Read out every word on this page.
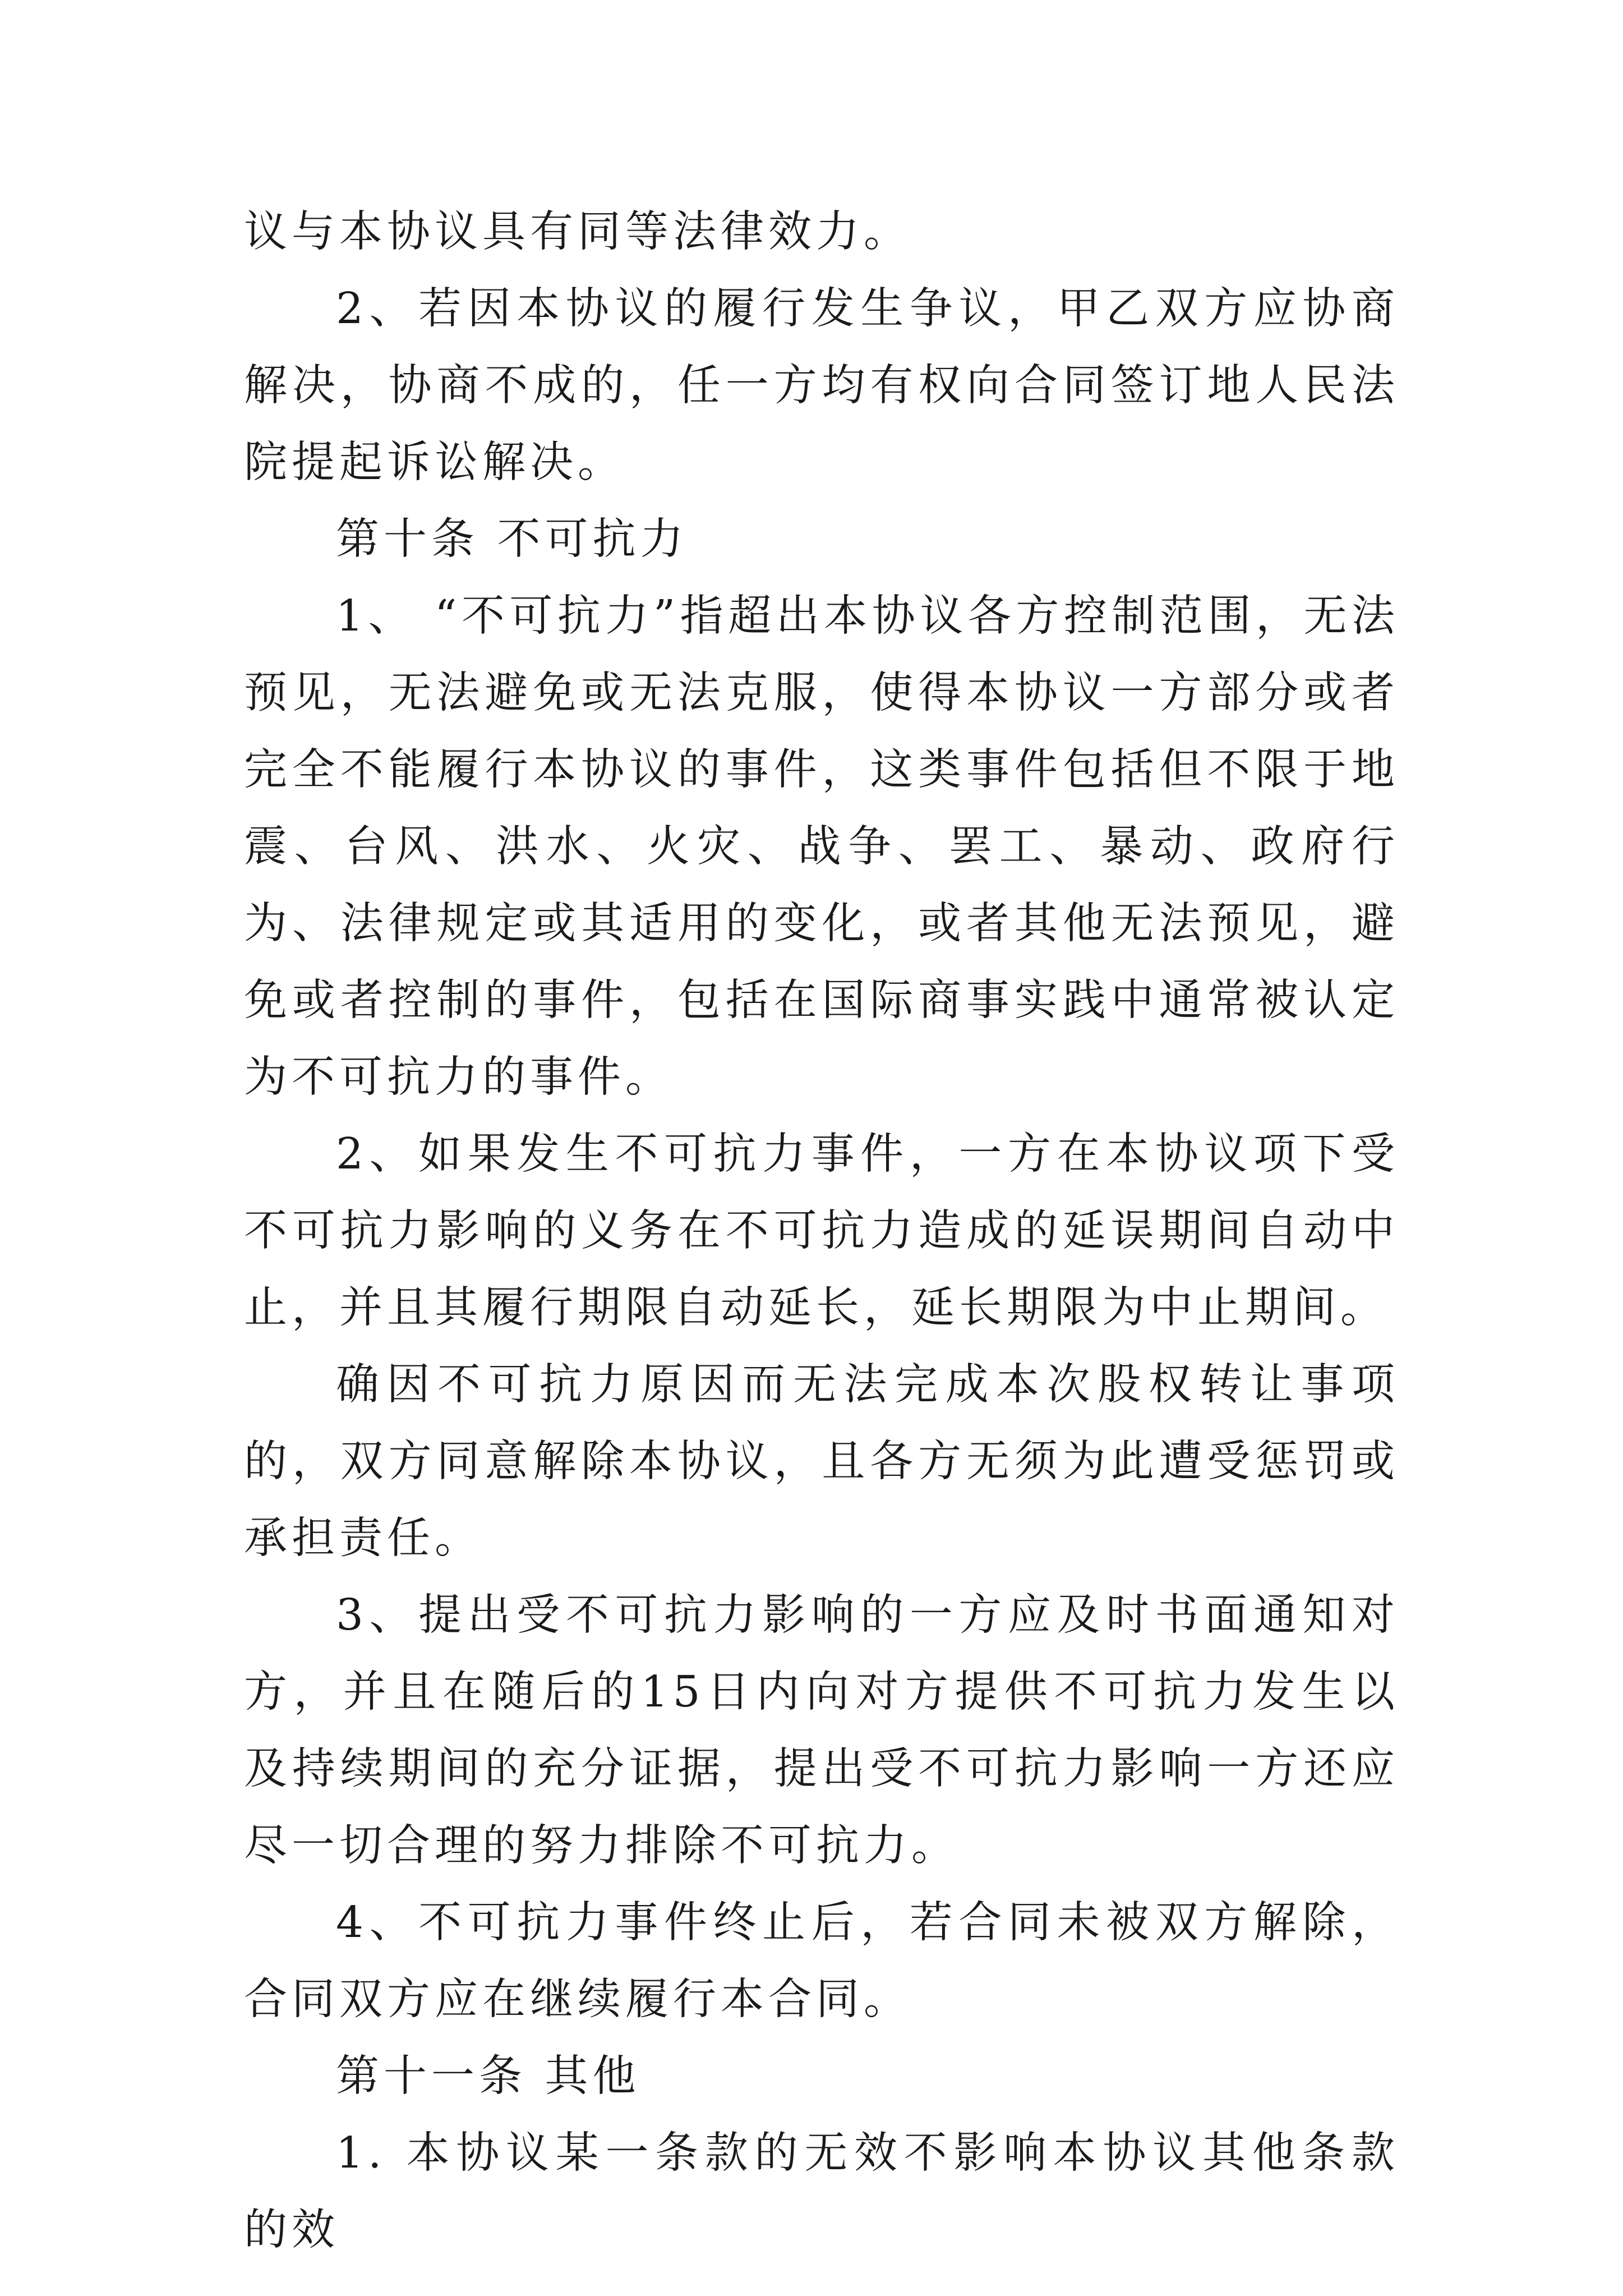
议与本协议具有同等法律效力。

2、若因本协议的履行发生争议，甲乙双方应协商解决，协商不成的，任一方均有权向合同签订地人民法院提起诉讼解决。

第十条 不可抗力

1、 “不可抗力”指超出本协议各方控制范围，无法预见，无法避免或无法克服，使得本协议一方部分或者完全不能履行本协议的事件，这类事件包括但不限于地震、台风、洪水、火灾、战争、罢工、暴动、政府行为、法律规定或其适用的变化，或者其他无法预见，避免或者控制的事件，包括在国际商事实践中通常被认定为不可抗力的事件。

2、如果发生不可抗力事件，一方在本协议项下受不可抗力影响的义务在不可抗力造成的延误期间自动中止，并且其履行期限自动延长，延长期限为中止期间。

确因不可抗力原因而无法完成本次股权转让事项的，双方同意解除本协议，且各方无须为此遭受惩罚或承担责任。

3、提出受不可抗力影响的一方应及时书面通知对方，并且在随后的15日内向对方提供不可抗力发生以及持续期间的充分证据，提出受不可抗力影响一方还应尽一切合理的努力排除不可抗力。

4、不可抗力事件终止后，若合同未被双方解除，合同双方应在继续履行本合同。

第十一条 其他

1. 本协议某一条款的无效不影响本协议其他条款的效
